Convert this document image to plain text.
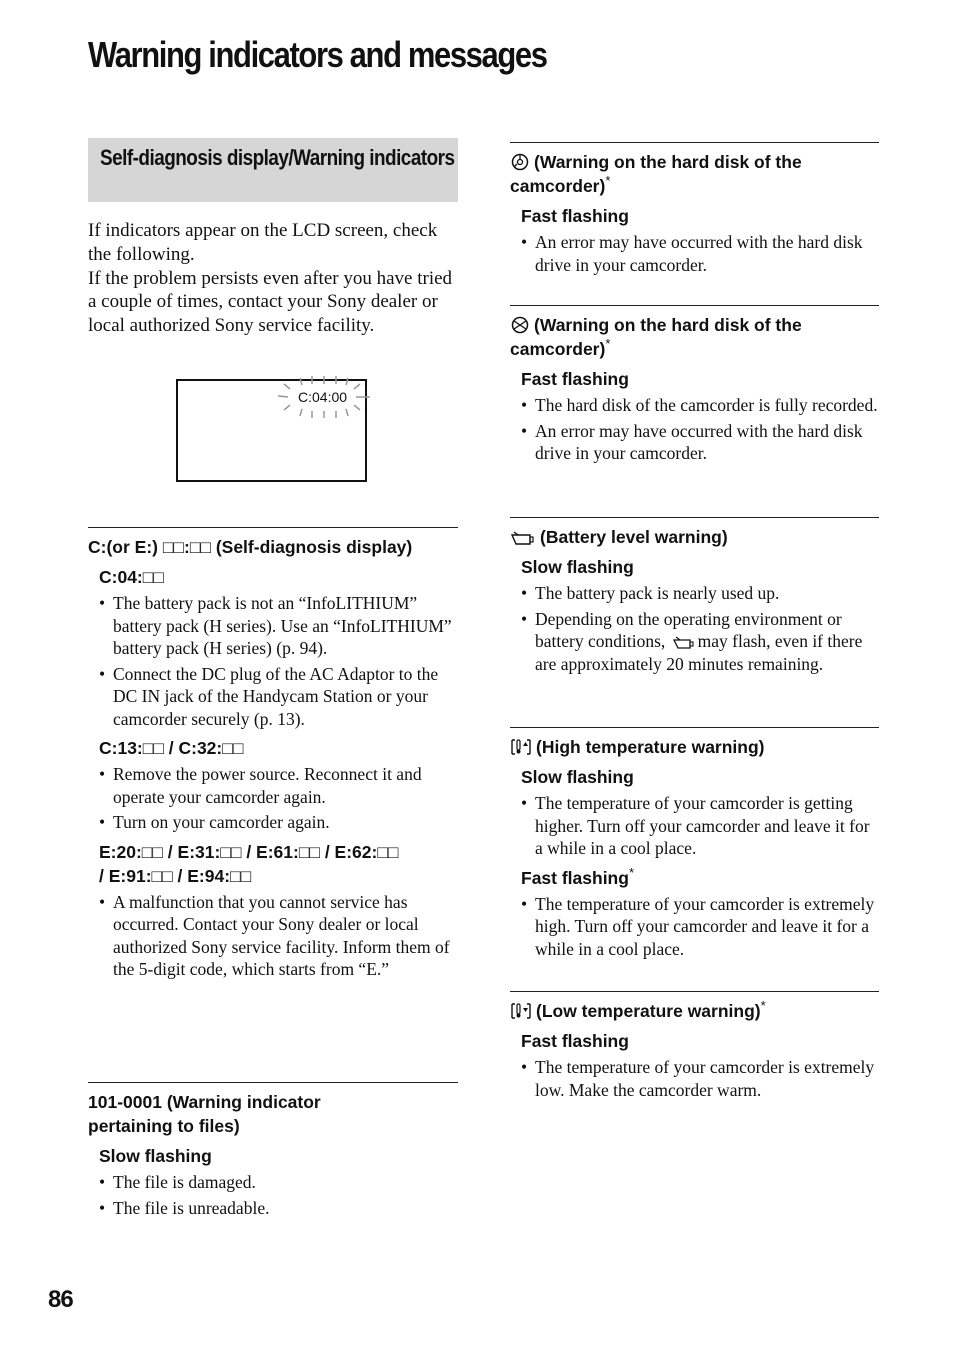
Warning indicators and messages
Self-diagnosis display/Warning indicators

If indicators appear on the LCD screen, check the following.

If the problem persists even after you have tried a couple of times, contact your Sony dealer or local authorized Sony service facility.

C:(or E:) □□:□□ (Self-diagnosis display)

C:04:□□

• The battery pack is not an “InfoLITHIUM” battery pack (H series). Use an “InfoLITHIUM” battery pack (H series) (p. 94).
• Connect the DC plug of the AC Adaptor to the DC IN jack of the Handycam Station or your camcorder securely (p. 13).

C:13:□□ / C:32:□□

• Remove the power source. Reconnect it and operate your camcorder again.
• Turn on your camcorder again.

E:20:□□ / E:31:□□ / E:61:□□ / E:62:□□ / E:91:□□ / E:94:□□

• A malfunction that you cannot service has occurred. Contact your Sony dealer or local authorized Sony service facility. Inform them of the 5-digit code, which starts from “E.”

101-0001 (Warning indicator pertaining to files)

Slow flashing

• The file is damaged.
• The file is unreadable.
C:04:00

(Warning on the hard disk of the camcorder)*

Fast flashing

• An error may have occurred with the hard disk drive in your camcorder.

(Warning on the hard disk of the camcorder)*

Fast flashing

• The hard disk of the camcorder is fully recorded.
• An error may have occurred with the hard disk drive in your camcorder.

(Battery level warning)

Slow flashing

• The battery pack is nearly used up.
• Depending on the operating environment or battery conditions, may flash, even if there are approximately 20 minutes remaining.

(High temperature warning)

Slow flashing

• The temperature of your camcorder is getting higher. Turn off your camcorder and leave it for a while in a cool place.

Fast flashing*

• The temperature of your camcorder is extremely high. Turn off your camcorder and leave it for a while in a cool place.

(Low temperature warning)*

Fast flashing

• The temperature of your camcorder is extremely low. Make the camcorder warm.
86
